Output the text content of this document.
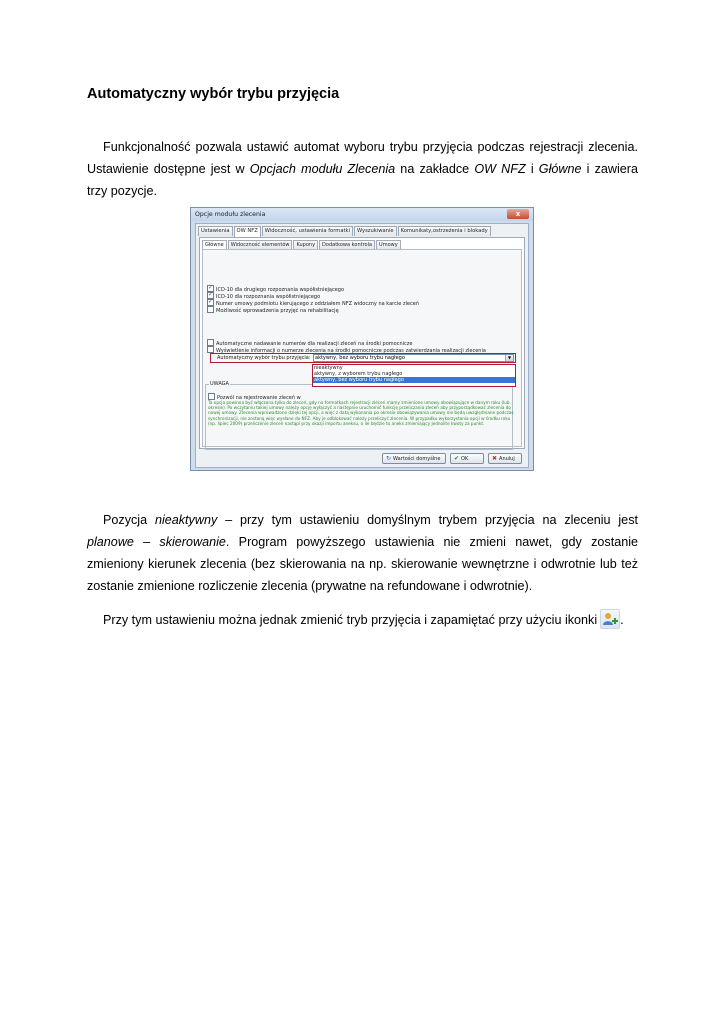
Automatyczny wybór trybu przyjęcia

Funkcjonalność pozwala ustawić automat wyboru trybu przyjęcia podczas rejestracji zlecenia. Ustawienie dostępne jest w Opcjach modułu Zlecenia na zakładce OW NFZ i Główne i zawiera trzy pozycje.

Opcje modułu zlecenia	x
Ustawienia OW NFZ Widoczność, ustawienia formatki Wyszukiwanie Komunikaty,ostrzeżenia i blokady
Główne Widoczność elementów Kupony Dodatkowa kontrola Umowy
✓ICD-10 dla drugiego rozpoznania współistniejącego
✓ICD-10 dla rozpoznania współistniejącego
✓Numer umowy podmiotu kierującego z oddziałem NFZ widoczny na karcie zleceń
Możliwość wprowadzenia przyjęć na rehabilitację
Automatyczne nadawanie numerów dla realizacji zleceń na środki pomocnicze
Wyświetlenie informacji o numerze zlecenia na środki pomocnicze podczas zatwierdzania realizacji zlecenia
UWAGA
Pozwól na rejestrowanie zleceń w
Ta opcja powinna być włączona tylko do zleceń, gdy na formatkach rejestracji zleceń mamy zmienione umowy obowiązujące w danym roku (lub okresie). Po wczytaniu takiej umowy należy opcję wyłączyć a następnie uruchomić funkcję przeliczania zleceń aby przyporządkować zlecenia do nowej umowy. Zlecenia wprowadzone dzięki tej opcji, a więc z datą wykonania po okresie obowiązywania umowy nie będą uwzględniane podczas synchronizacji, nie zostaną więc wysłane do NFZ. Aby je odblokować należy przeliczyć zlecenia. W przypadku wykorzystania opcji w środku roku (np. lipiec 2009) przeliczenie zleceń nastąpi przy okazji importu aneksu, o ile będzie to aneks zmieniający jednolite kwoty za punkt.
Automatyczny wybór trybu przyjęcia: aktywny, bez wyboru trybu nagłego	▼
nieaktywny
aktywny, z wyborem trybu nagłego
aktywny, bez wyboru trybu nagłego
↻ Wartości domyślne	✔ OK	✖ Anuluj

Pozycja nieaktywny – przy tym ustawieniu domyślnym trybem przyjęcia na zleceniu jest planowe – skierowanie. Program powyższego ustawienia nie zmieni nawet, gdy zostanie zmieniony kierunek zlecenia (bez skierowania na np. skierowanie wewnętrzne i odwrotnie lub też zostanie zmienione rozliczenie zlecenia (prywatne na refundowane i odwrotnie).

Przy tym ustawieniu można jednak zmienić tryb przyjęcia i zapamiętać przy użyciu ikonki .
